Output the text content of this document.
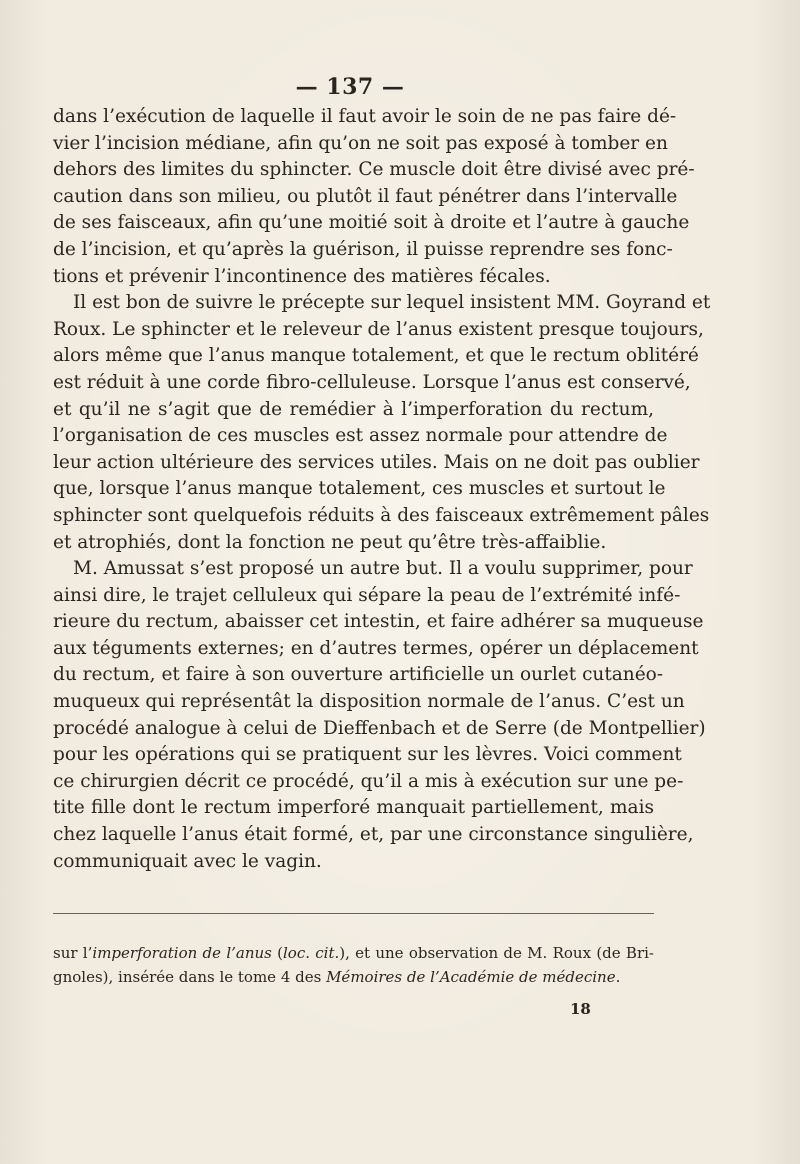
— 137 —
dans l’exécution de laquelle il faut avoir le soin de ne pas faire dé-
vier l’incision médiane, afin qu’on ne soit pas exposé à tomber en
dehors des limites du sphincter. Ce muscle doit être divisé avec pré-
caution dans son milieu, ou plutôt il faut pénétrer dans l’intervalle
de ses faisceaux, afin qu’une moitié soit à droite et l’autre à gauche
de l’incision, et qu’après la guérison, il puisse reprendre ses fonc-
tions et prévenir l’incontinence des matières fécales.
Il est bon de suivre le précepte sur lequel insistent MM. Goyrand et
Roux. Le sphincter et le releveur de l’anus existent presque toujours,
alors même que l’anus manque totalement, et que le rectum oblitéré
est réduit à une corde fibro-celluleuse. Lorsque l’anus est conservé,
et qu’il ne s’agit que de remédier à l’imperforation du rectum,
l’organisation de ces muscles est assez normale pour attendre de
leur action ultérieure des services utiles. Mais on ne doit pas oublier
que, lorsque l’anus manque totalement, ces muscles et surtout le
sphincter sont quelquefois réduits à des faisceaux extrêmement pâles
et atrophiés, dont la fonction ne peut qu’être très-affaiblie.
M. Amussat s’est proposé un autre but. Il a voulu supprimer, pour
ainsi dire, le trajet celluleux qui sépare la peau de l’extrémité infé-
rieure du rectum, abaisser cet intestin, et faire adhérer sa muqueuse
aux téguments externes; en d’autres termes, opérer un déplacement
du rectum, et faire à son ouverture artificielle un ourlet cutanéo-
muqueux qui représentât la disposition normale de l’anus. C’est un
procédé analogue à celui de Dieffenbach et de Serre (de Montpellier)
pour les opérations qui se pratiquent sur les lèvres. Voici comment
ce chirurgien décrit ce procédé, qu’il a mis à exécution sur une pe-
tite fille dont le rectum imperforé manquait partiellement, mais
chez laquelle l’anus était formé, et, par une circonstance singulière,
communiquait avec le vagin.
sur l’imperforation de l’anus (loc. cit.), et une observation de M. Roux (de Bri-
gnoles), insérée dans le tome 4 des Mémoires de l’Académie de médecine.
18
